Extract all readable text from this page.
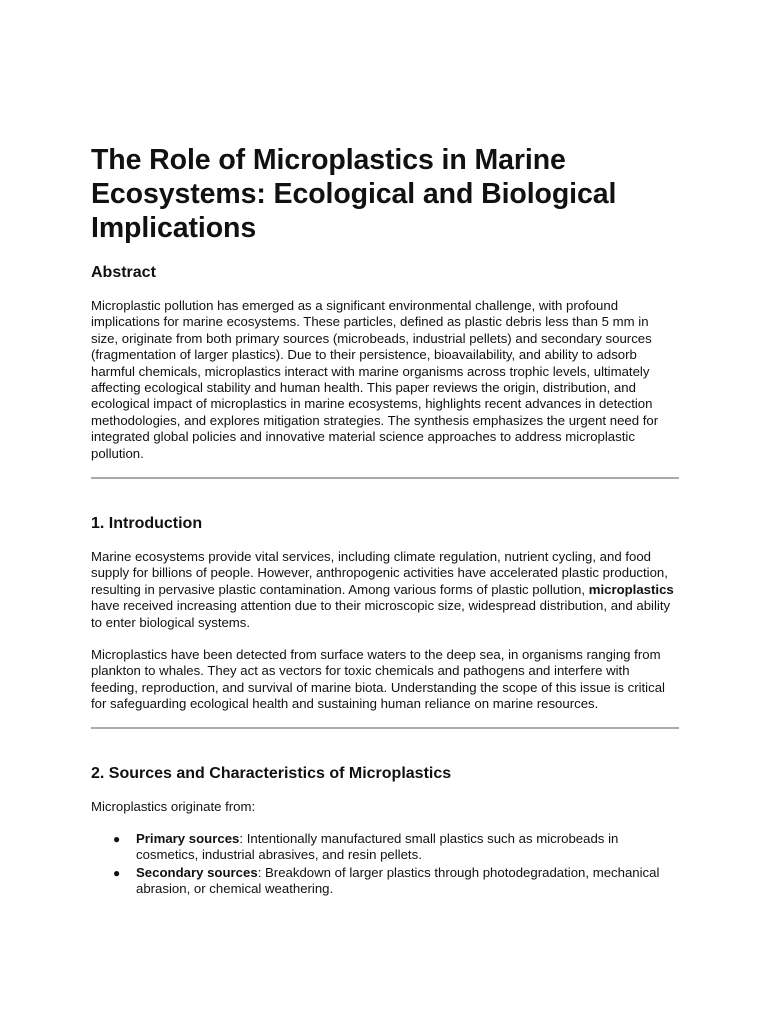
The Role of Microplastics in Marine Ecosystems: Ecological and Biological Implications
Abstract

Microplastic pollution has emerged as a significant environmental challenge, with profound implications for marine ecosystems. These particles, defined as plastic debris less than 5 mm in size, originate from both primary sources (microbeads, industrial pellets) and secondary sources (fragmentation of larger plastics). Due to their persistence, bioavailability, and ability to adsorb harmful chemicals, microplastics interact with marine organisms across trophic levels, ultimately affecting ecological stability and human health. This paper reviews the origin, distribution, and ecological impact of microplastics in marine ecosystems, highlights recent advances in detection methodologies, and explores mitigation strategies. The synthesis emphasizes the urgent need for integrated global policies and innovative material science approaches to address microplastic pollution.

1. Introduction

Marine ecosystems provide vital services, including climate regulation, nutrient cycling, and food supply for billions of people. However, anthropogenic activities have accelerated plastic production, resulting in pervasive plastic contamination. Among various forms of plastic pollution, microplastics have received increasing attention due to their microscopic size, widespread distribution, and ability to enter biological systems.

Microplastics have been detected from surface waters to the deep sea, in organisms ranging from plankton to whales. They act as vectors for toxic chemicals and pathogens and interfere with feeding, reproduction, and survival of marine biota. Understanding the scope of this issue is critical for safeguarding ecological health and sustaining human reliance on marine resources.

2. Sources and Characteristics of Microplastics

Microplastics originate from:

● Primary sources: Intentionally manufactured small plastics such as microbeads in cosmetics, industrial abrasives, and resin pellets.
● Secondary sources: Breakdown of larger plastics through photodegradation, mechanical abrasion, or chemical weathering.
